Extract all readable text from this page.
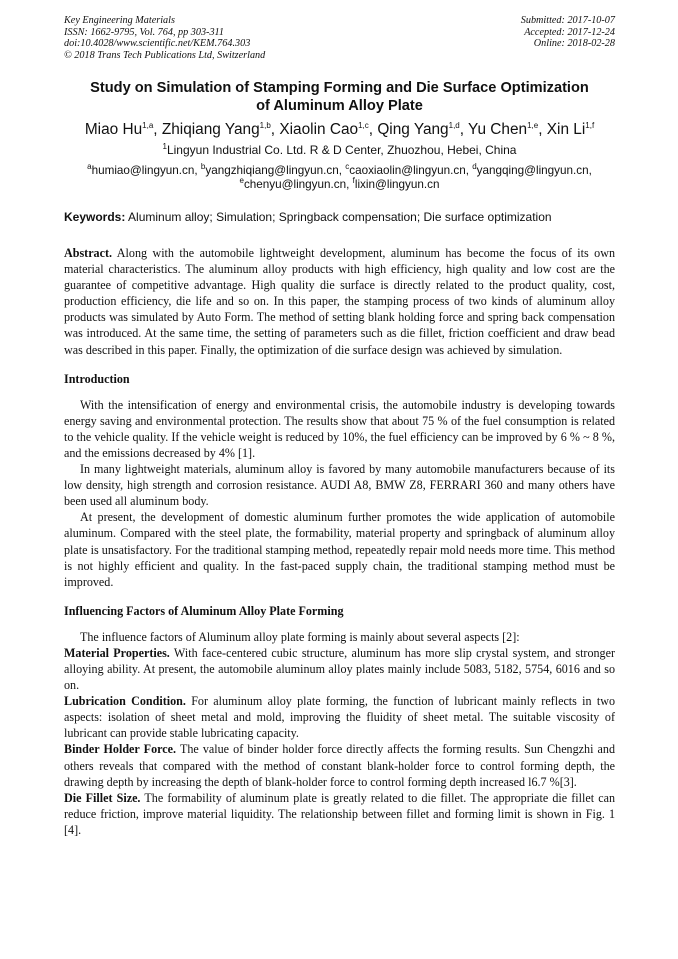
Key Engineering Materials
ISSN: 1662-9795, Vol. 764, pp 303-311
doi:10.4028/www.scientific.net/KEM.764.303
© 2018 Trans Tech Publications Ltd, Switzerland
Submitted: 2017-10-07
Accepted: 2017-12-24
Online: 2018-02-28
Study on Simulation of Stamping Forming and Die Surface Optimization
of Aluminum Alloy Plate
Miao Hu$^{1,a}$, Zhiqiang Yang$^{1,b}$, Xiaolin Cao$^{1,c}$, Qing Yang$^{1,d}$, Yu Chen$^{1,e}$, Xin Li$^{1,f}$
$^1$Lingyun Industrial Co. Ltd. R & D Center, Zhuozhou, Hebei, China
$^a$humiao@lingyun.cn, $^b$yangzhiqiang@lingyun.cn, $^c$caoxiaolin@lingyun.cn, $^d$yangqing@lingyun.cn,
$^e$chenyu@lingyun.cn, $^f$lixin@lingyun.cn
Keywords: Aluminum alloy; Simulation; Springback compensation; Die surface optimization

Abstract. Along with the automobile lightweight development, aluminum has become the focus of its own material characteristics. The aluminum alloy products with high efficiency, high quality and low cost are the guarantee of competitive advantage. High quality die surface is directly related to the product quality, cost, production efficiency, die life and so on. In this paper, the stamping process of two kinds of aluminum alloy products was simulated by Auto Form. The method of setting blank holding force and spring back compensation was introduced. At the same time, the setting of parameters such as die fillet, friction coefficient and draw bead was described in this paper. Finally, the optimization of die surface design was achieved by simulation.

Introduction

With the intensification of energy and environmental crisis, the automobile industry is developing towards energy saving and environmental protection. The results show that about 75 % of the fuel consumption is related to the vehicle quality. If the vehicle weight is reduced by 10%, the fuel efficiency can be improved by 6 % ~ 8 %, and the emissions decreased by 4% [1].

In many lightweight materials, aluminum alloy is favored by many automobile manufacturers because of its low density, high strength and corrosion resistance. AUDI A8, BMW Z8, FERRARI 360 and many others have been used all aluminum body.

At present, the development of domestic aluminum further promotes the wide application of automobile aluminum. Compared with the steel plate, the formability, material property and springback of aluminum alloy plate is unsatisfactory. For the traditional stamping method, repeatedly repair mold needs more time. This method is not highly efficient and quality. In the fast-paced supply chain, the traditional stamping method must be improved.

Influencing Factors of Aluminum Alloy Plate Forming

The influence factors of Aluminum alloy plate forming is mainly about several aspects [2]:

Material Properties. With face-centered cubic structure, aluminum has more slip crystal system, and stronger alloying ability. At present, the automobile aluminum alloy plates mainly include 5083, 5182, 5754, 6016 and so on.

Lubrication Condition. For aluminum alloy plate forming, the function of lubricant mainly reflects in two aspects: isolation of sheet metal and mold, improving the fluidity of sheet metal. The suitable viscosity of lubricant can provide stable lubricating capacity.

Binder Holder Force. The value of binder holder force directly affects the forming results. Sun Chengzhi and others reveals that compared with the method of constant blank-holder force to control forming depth, the drawing depth by increasing the depth of blank-holder force to control forming depth increased l6.7 %[3].

Die Fillet Size. The formability of aluminum plate is greatly related to die fillet. The appropriate die fillet can reduce friction, improve material liquidity. The relationship between fillet and forming limit is shown in Fig. 1 [4].
